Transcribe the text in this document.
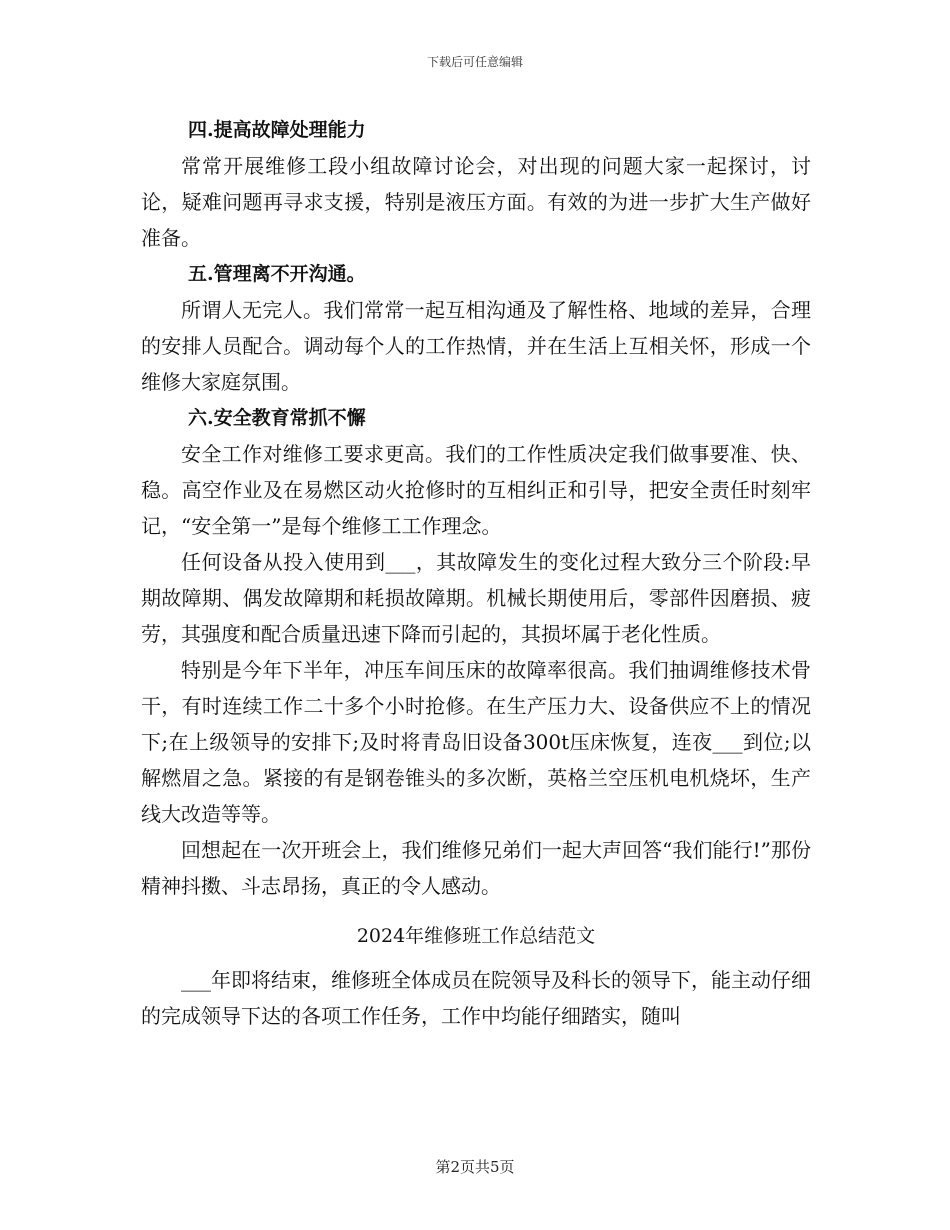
下载后可任意编辑
四.提高故障处理能力

常常开展维修工段小组故障讨论会，对出现的问题大家一起探讨，讨论，疑难问题再寻求支援，特别是液压方面。有效的为进一步扩大生产做好准备。

五.管理离不开沟通。

所谓人无完人。我们常常一起互相沟通及了解性格、地域的差异，合理的安排人员配合。调动每个人的工作热情，并在生活上互相关怀，形成一个维修大家庭氛围。

六.安全教育常抓不懈

安全工作对维修工要求更高。我们的工作性质决定我们做事要准、快、稳。高空作业及在易燃区动火抢修时的互相纠正和引导，把安全责任时刻牢记，“安全第一”是每个维修工工作理念。

任何设备从投入使用到___，其故障发生的变化过程大致分三个阶段:早期故障期、偶发故障期和耗损故障期。机械长期使用后，零部件因磨损、疲劳，其强度和配合质量迅速下降而引起的，其损坏属于老化性质。

特别是今年下半年，冲压车间压床的故障率很高。我们抽调维修技术骨干，有时连续工作二十多个小时抢修。在生产压力大、设备供应不上的情况下;在上级领导的安排下;及时将青岛旧设备300t压床恢复，连夜___到位;以解燃眉之急。紧接的有是钢卷锥头的多次断，英格兰空压机电机烧坏，生产线大改造等等。

回想起在一次开班会上，我们维修兄弟们一起大声回答“我们能行!”那份精神抖擞、斗志昂扬，真正的令人感动。

2024年维修班工作总结范文

___年即将结束，维修班全体成员在院领导及科长的领导下，能主动仔细的完成领导下达的各项工作任务，工作中均能仔细踏实，随叫

第2页共5页
